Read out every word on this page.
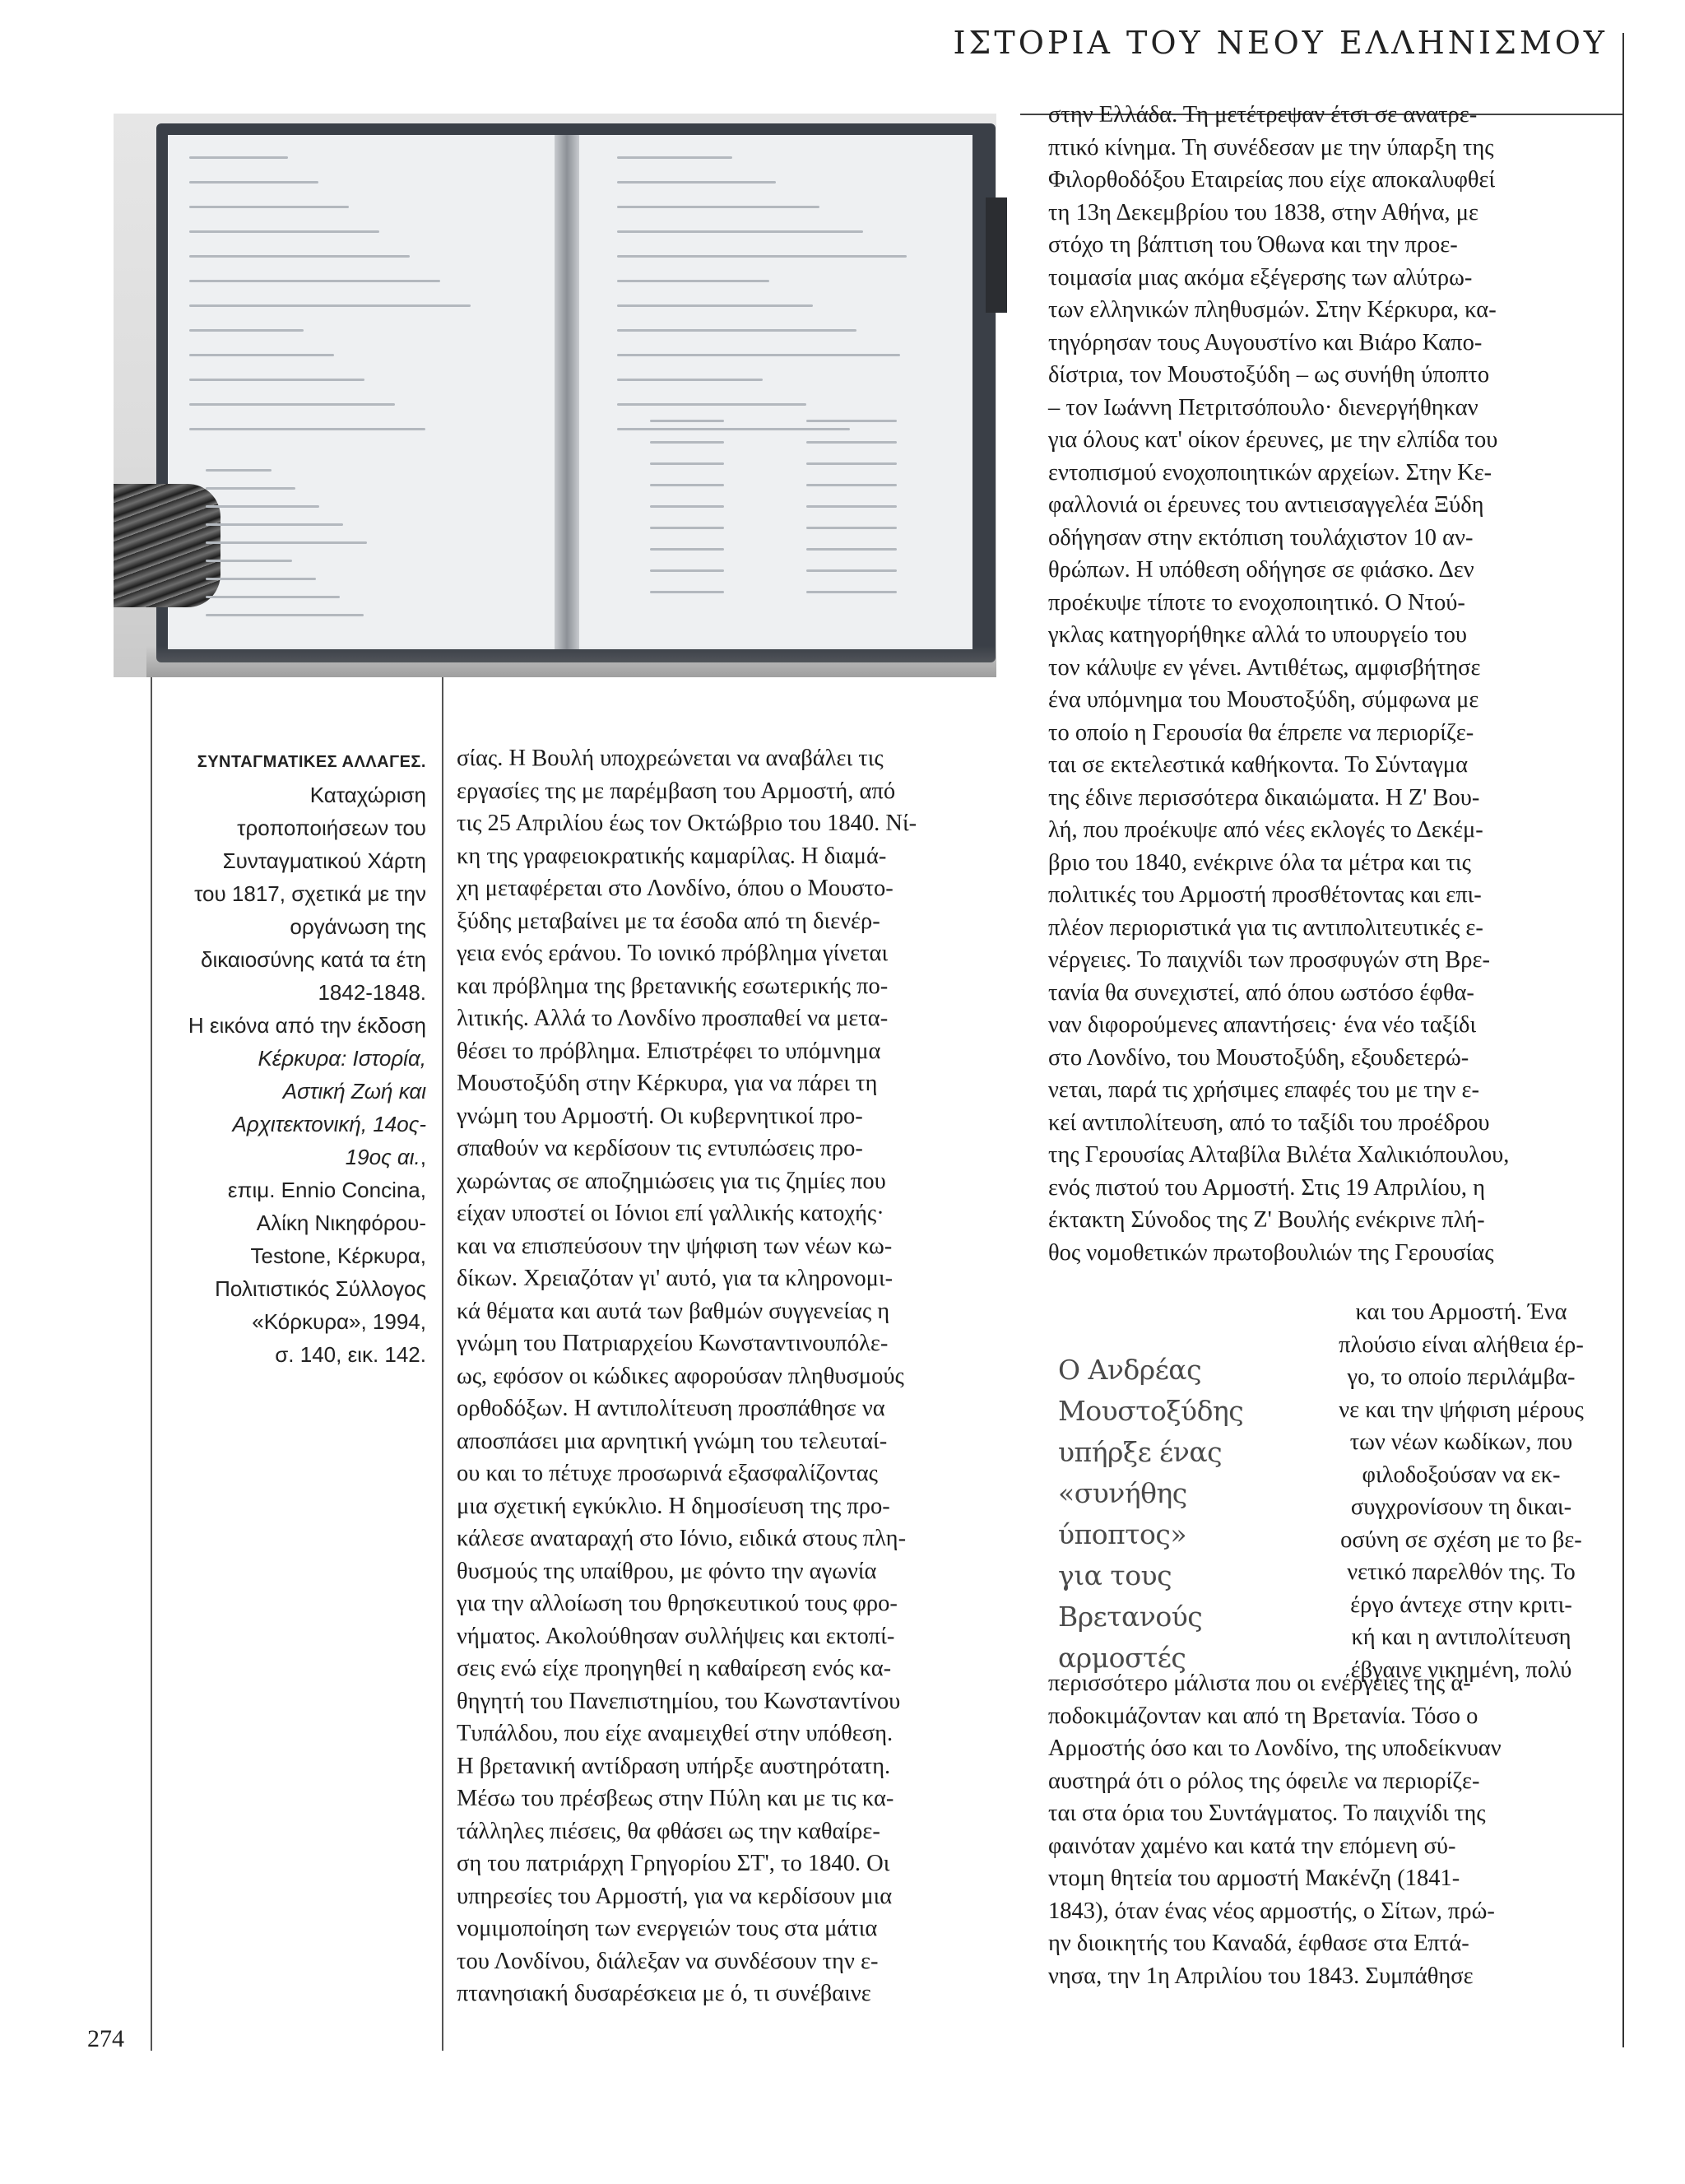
ΙΣΤΟΡΙΑ ΤΟΥ ΝΕΟΥ ΕΛΛΗΝΙΣΜΟΥ
ΣΥΝΤΑΓΜΑΤΙΚΕΣ ΑΛΛΑΓΕΣ.
Καταχώριση
τροποποιήσεων του
Συνταγματικού Χάρτη
του 1817, σχετικά με την
οργάνωση της
δικαιοσύνης κατά τα έτη
1842-1848.
Η εικόνα από την έκδοση
Κέρκυρα: Ιστορία,
Αστική Ζωή και
Αρχιτεκτονική, 14ος-
19ος αι.,
επιμ. Ennio Concina,
Αλίκη Νικηφόρου-
Testone, Κέρκυρα,
Πολιτιστικός Σύλλογος
«Κόρκυρα», 1994,
σ. 140, εικ. 142.
274
σίας. Η Βουλή υποχρεώνεται να αναβάλει τις
εργασίες της με παρέμβαση του Αρμοστή, από
τις 25 Απριλίου έως τον Οκτώβριο του 1840. Νί-
κη της γραφειοκρατικής καμαρίλας. Η διαμά-
χη μεταφέρεται στο Λονδίνο, όπου ο Μουστο-
ξύδης μεταβαίνει με τα έσοδα από τη διενέρ-
γεια ενός εράνου. Το ιονικό πρόβλημα γίνεται
και πρόβλημα της βρετανικής εσωτερικής πο-
λιτικής. Αλλά το Λονδίνο προσπαθεί να μετα-
θέσει το πρόβλημα. Επιστρέφει το υπόμνημα
Μουστοξύδη στην Κέρκυρα, για να πάρει τη
γνώμη του Αρμοστή. Οι κυβερνητικοί προ-
σπαθούν να κερδίσουν τις εντυπώσεις προ-
χωρώντας σε αποζημιώσεις για τις ζημίες που
είχαν υποστεί οι Ιόνιοι επί γαλλικής κατοχής·
και να επισπεύσουν την ψήφιση των νέων κω-
δίκων. Χρειαζόταν γι' αυτό, για τα κληρονομι-
κά θέματα και αυτά των βαθμών συγγενείας η
γνώμη του Πατριαρχείου Κωνσταντινουπόλε-
ως, εφόσον οι κώδικες αφορούσαν πληθυσμούς
ορθοδόξων. Η αντιπολίτευση προσπάθησε να
αποσπάσει μια αρνητική γνώμη του τελευταί-
ου και το πέτυχε προσωρινά εξασφαλίζοντας
μια σχετική εγκύκλιο. Η δημοσίευση της προ-
κάλεσε αναταραχή στο Ιόνιο, ειδικά στους πλη-
θυσμούς της υπαίθρου, με φόντο την αγωνία
για την αλλοίωση του θρησκευτικού τους φρο-
νήματος. Ακολούθησαν συλλήψεις και εκτοπί-
σεις ενώ είχε προηγηθεί η καθαίρεση ενός κα-
θηγητή του Πανεπιστημίου, του Κωνσταντίνου
Τυπάλδου, που είχε αναμειχθεί στην υπόθεση.
Η βρετανική αντίδραση υπήρξε αυστηρότατη.
Μέσω του πρέσβεως στην Πύλη και με τις κα-
τάλληλες πιέσεις, θα φθάσει ως την καθαίρε-
ση του πατριάρχη Γρηγορίου ΣΤ', το 1840. Οι
υπηρεσίες του Αρμοστή, για να κερδίσουν μια
νομιμοποίηση των ενεργειών τους στα μάτια
του Λονδίνου, διάλεξαν να συνδέσουν την ε-
πτανησιακή δυσαρέσκεια με ό, τι συνέβαινε
στην Ελλάδα. Τη μετέτρεψαν έτσι σε ανατρε-
πτικό κίνημα. Τη συνέδεσαν με την ύπαρξη της
Φιλορθοδόξου Εταιρείας που είχε αποκαλυφθεί
τη 13η Δεκεμβρίου του 1838, στην Αθήνα, με
στόχο τη βάπτιση του Όθωνα και την προε-
τοιμασία μιας ακόμα εξέγερσης των αλύτρω-
των ελληνικών πληθυσμών. Στην Κέρκυρα, κα-
τηγόρησαν τους Αυγουστίνο και Βιάρο Καπο-
δίστρια, τον Μουστοξύδη – ως συνήθη ύποπτο
– τον Ιωάννη Πετριτσόπουλο· διενεργήθηκαν
για όλους κατ' οίκον έρευνες, με την ελπίδα του
εντοπισμού ενοχοποιητικών αρχείων. Στην Κε-
φαλλονιά οι έρευνες του αντιεισαγγελέα Ξύδη
οδήγησαν στην εκτόπιση τουλάχιστον 10 αν-
θρώπων. Η υπόθεση οδήγησε σε φιάσκο. Δεν
προέκυψε τίποτε το ενοχοποιητικό. Ο Ντού-
γκλας κατηγορήθηκε αλλά το υπουργείο του
τον κάλυψε εν γένει. Αντιθέτως, αμφισβήτησε
ένα υπόμνημα του Μουστοξύδη, σύμφωνα με
το οποίο η Γερουσία θα έπρεπε να περιορίζε-
ται σε εκτελεστικά καθήκοντα. Το Σύνταγμα
της έδινε περισσότερα δικαιώματα. Η Ζ' Βου-
λή, που προέκυψε από νέες εκλογές το Δεκέμ-
βριο του 1840, ενέκρινε όλα τα μέτρα και τις
πολιτικές του Αρμοστή προσθέτοντας και επι-
πλέον περιοριστικά για τις αντιπολιτευτικές ε-
νέργειες. Το παιχνίδι των προσφυγών στη Βρε-
τανία θα συνεχιστεί, από όπου ωστόσο έφθα-
ναν διφορούμενες απαντήσεις· ένα νέο ταξίδι
στο Λονδίνο, του Μουστοξύδη, εξουδετερώ-
νεται, παρά τις χρήσιμες επαφές του με την ε-
κεί αντιπολίτευση, από το ταξίδι του προέδρου
της Γερουσίας Αλταβίλα Βιλέτα Χαλικιόπουλου,
ενός πιστού του Αρμοστή. Στις 19 Απριλίου, η
έκτακτη Σύνοδος της Ζ' Βουλής ενέκρινε πλή-
θος νομοθετικών πρωτοβουλιών της Γερουσίας
και του Αρμοστή. Ένα
πλούσιο είναι αλήθεια έρ-
γο, το οποίο περιλάμβα-
νε και την ψήφιση μέρους
των νέων κωδίκων, που
φιλοδοξούσαν να εκ-
συγχρονίσουν τη δικαι-
οσύνη σε σχέση με το βε-
νετικό παρελθόν της. Το
έργο άντεχε στην κριτι-
κή και η αντιπολίτευση
έβγαινε νικημένη, πολύ
περισσότερο μάλιστα που οι ενέργειες της α-
ποδοκιμάζονταν και από τη Βρετανία. Τόσο ο
Αρμοστής όσο και το Λονδίνο, της υποδείκνυαν
αυστηρά ότι ο ρόλος της όφειλε να περιορίζε-
ται στα όρια του Συντάγματος. Το παιχνίδι της
φαινόταν χαμένο και κατά την επόμενη σύ-
ντομη θητεία του αρμοστή Μακένζη (1841-
1843), όταν ένας νέος αρμοστής, ο Σίτων, πρώ-
ην διοικητής του Καναδά, έφθασε στα Επτά-
νησα, την 1η Απριλίου του 1843. Συμπάθησε
Ο Ανδρέας
Μουστοξύδης
υπήρξε ένας
«συνήθης
ύποπτος»
για τους
Βρετανούς
αρμοστές
